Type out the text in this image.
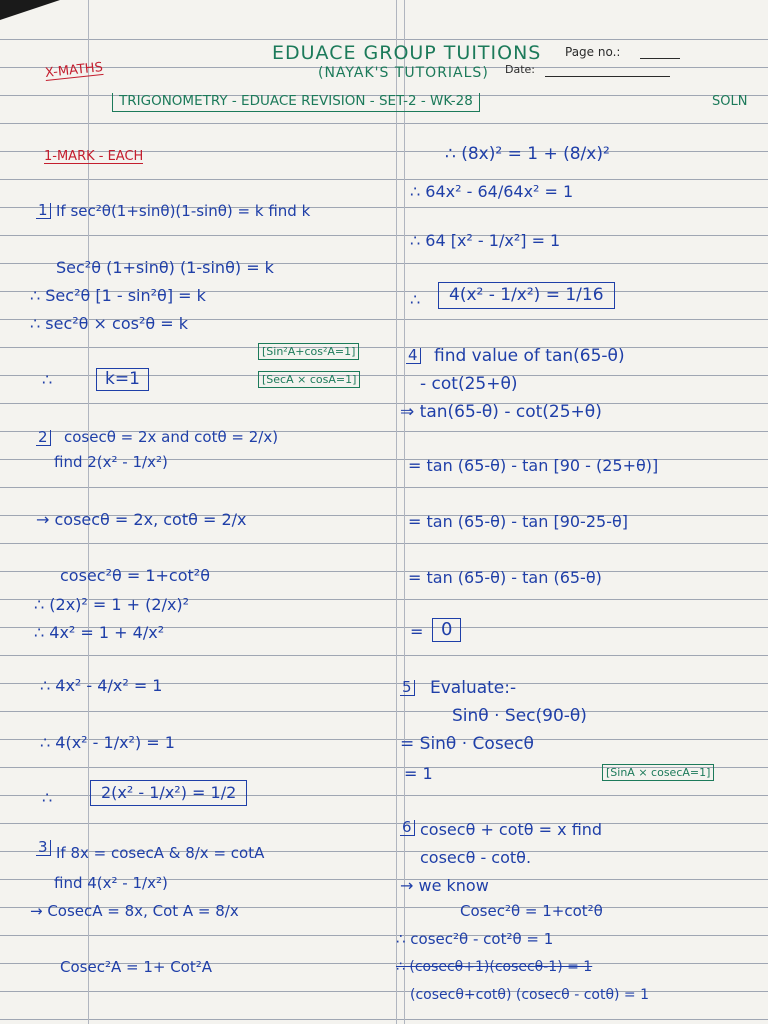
Page no.:
Date:
EDUACE GROUP TUITIONS
(NAYAK'S TUTORIALS)
X-MATHS
TRIGONOMETRY - EDUACE REVISION - SET-2 - WK-28	SOLN
1-MARK - EACH
1 If sec²θ(1+sinθ)(1-sinθ) = k find k
Sec²θ (1+sinθ) (1-sinθ) = k
∴ Sec²θ [1 - sin²θ] = k
∴ sec²θ × cos²θ = k
[Sin²A+cos²A=1]
[SecA × cosA=1]
∴	k=1
2 cosecθ = 2x and cotθ = 2/x)
find 2(x² - 1/x²)
→ cosecθ = 2x, cotθ = 2/x
cosec²θ = 1+cot²θ
∴ (2x)² = 1 + (2/x)²
∴ 4x² = 1 + 4/x²
∴ 4x² - 4/x² = 1
∴ 4(x² - 1/x²) = 1
∴	2(x² - 1/x²) = 1/2
3 If 8x = cosecA & 8/x = cotA
find 4(x² - 1/x²)
→ CosecA = 8x, Cot A = 8/x
Cosec²A = 1+ Cot²A
∴ (8x)² = 1 + (8/x)²
∴ 64x² - 64/64x² = 1
∴ 64 [x² - 1/x²] = 1
∴	4(x² - 1/x²) = 1/16
4 find value of tan(65-θ)
- cot(25+θ)
⇒ tan(65-θ) - cot(25+θ)
= tan (65-θ) - tan [90 - (25+θ)]
= tan (65-θ) - tan [90-25-θ]
= tan (65-θ) - tan (65-θ)
= 0
5 Evaluate:-
Sinθ · Sec(90-θ)
= Sinθ · Cosecθ
= 1	[SinA × cosecA=1]
6 cosecθ + cotθ = x find
cosecθ - cotθ.
→ we know
Cosec²θ = 1+cot²θ
∴ cosec²θ - cot²θ = 1
∴ (cosecθ+1)(cosecθ-1) = 1
(cosecθ+cotθ) (cosecθ - cotθ) = 1
